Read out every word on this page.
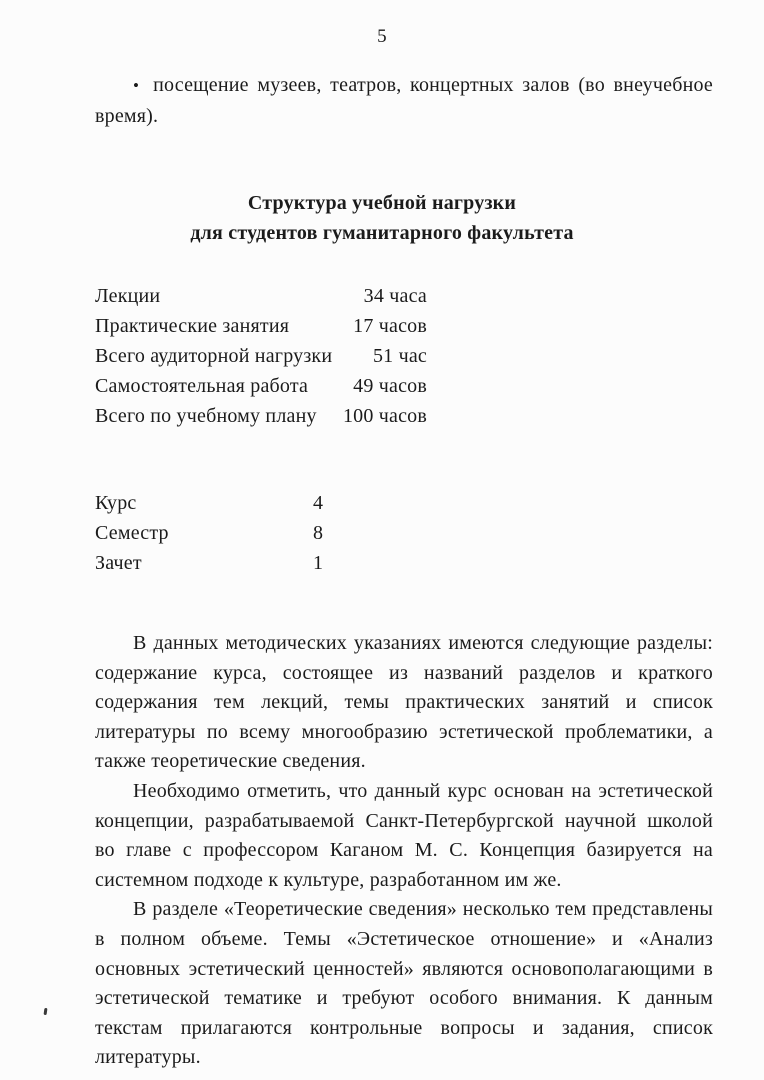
5

• посещение музеев, театров, концертных залов (во внеучебное время).

Структура учебной нагрузки
для студентов гуманитарного факультета
Лекции	34 часа
Практические занятия	17 часов
Всего аудиторной нагрузки 51 час
Самостоятельная работа 49 часов
Всего по учебному плану 100 часов
Курс	4
Семестр	8
Зачет	1

В данных методических указаниях имеются следующие разделы: содержание курса, состоящее из названий разделов и краткого содержания тем лекций, темы практических занятий и список литературы по всему многообразию эстетической проблематики, а также теоретические сведения.

Необходимо отметить, что данный курс основан на эстетической концепции, разрабатываемой Санкт-Петербургской научной школой во главе с профессором Каганом М. С. Концепция базируется на системном подходе к культуре, разработанном им же.

В разделе «Теоретические сведения» несколько тем представлены в полном объеме. Темы «Эстетическое отношение» и «Анализ основных эстетический ценностей» являются основополагающими в эстетической тематике и требуют особого внимания. К данным текстам прилагаются контрольные вопросы и задания, список литературы.
